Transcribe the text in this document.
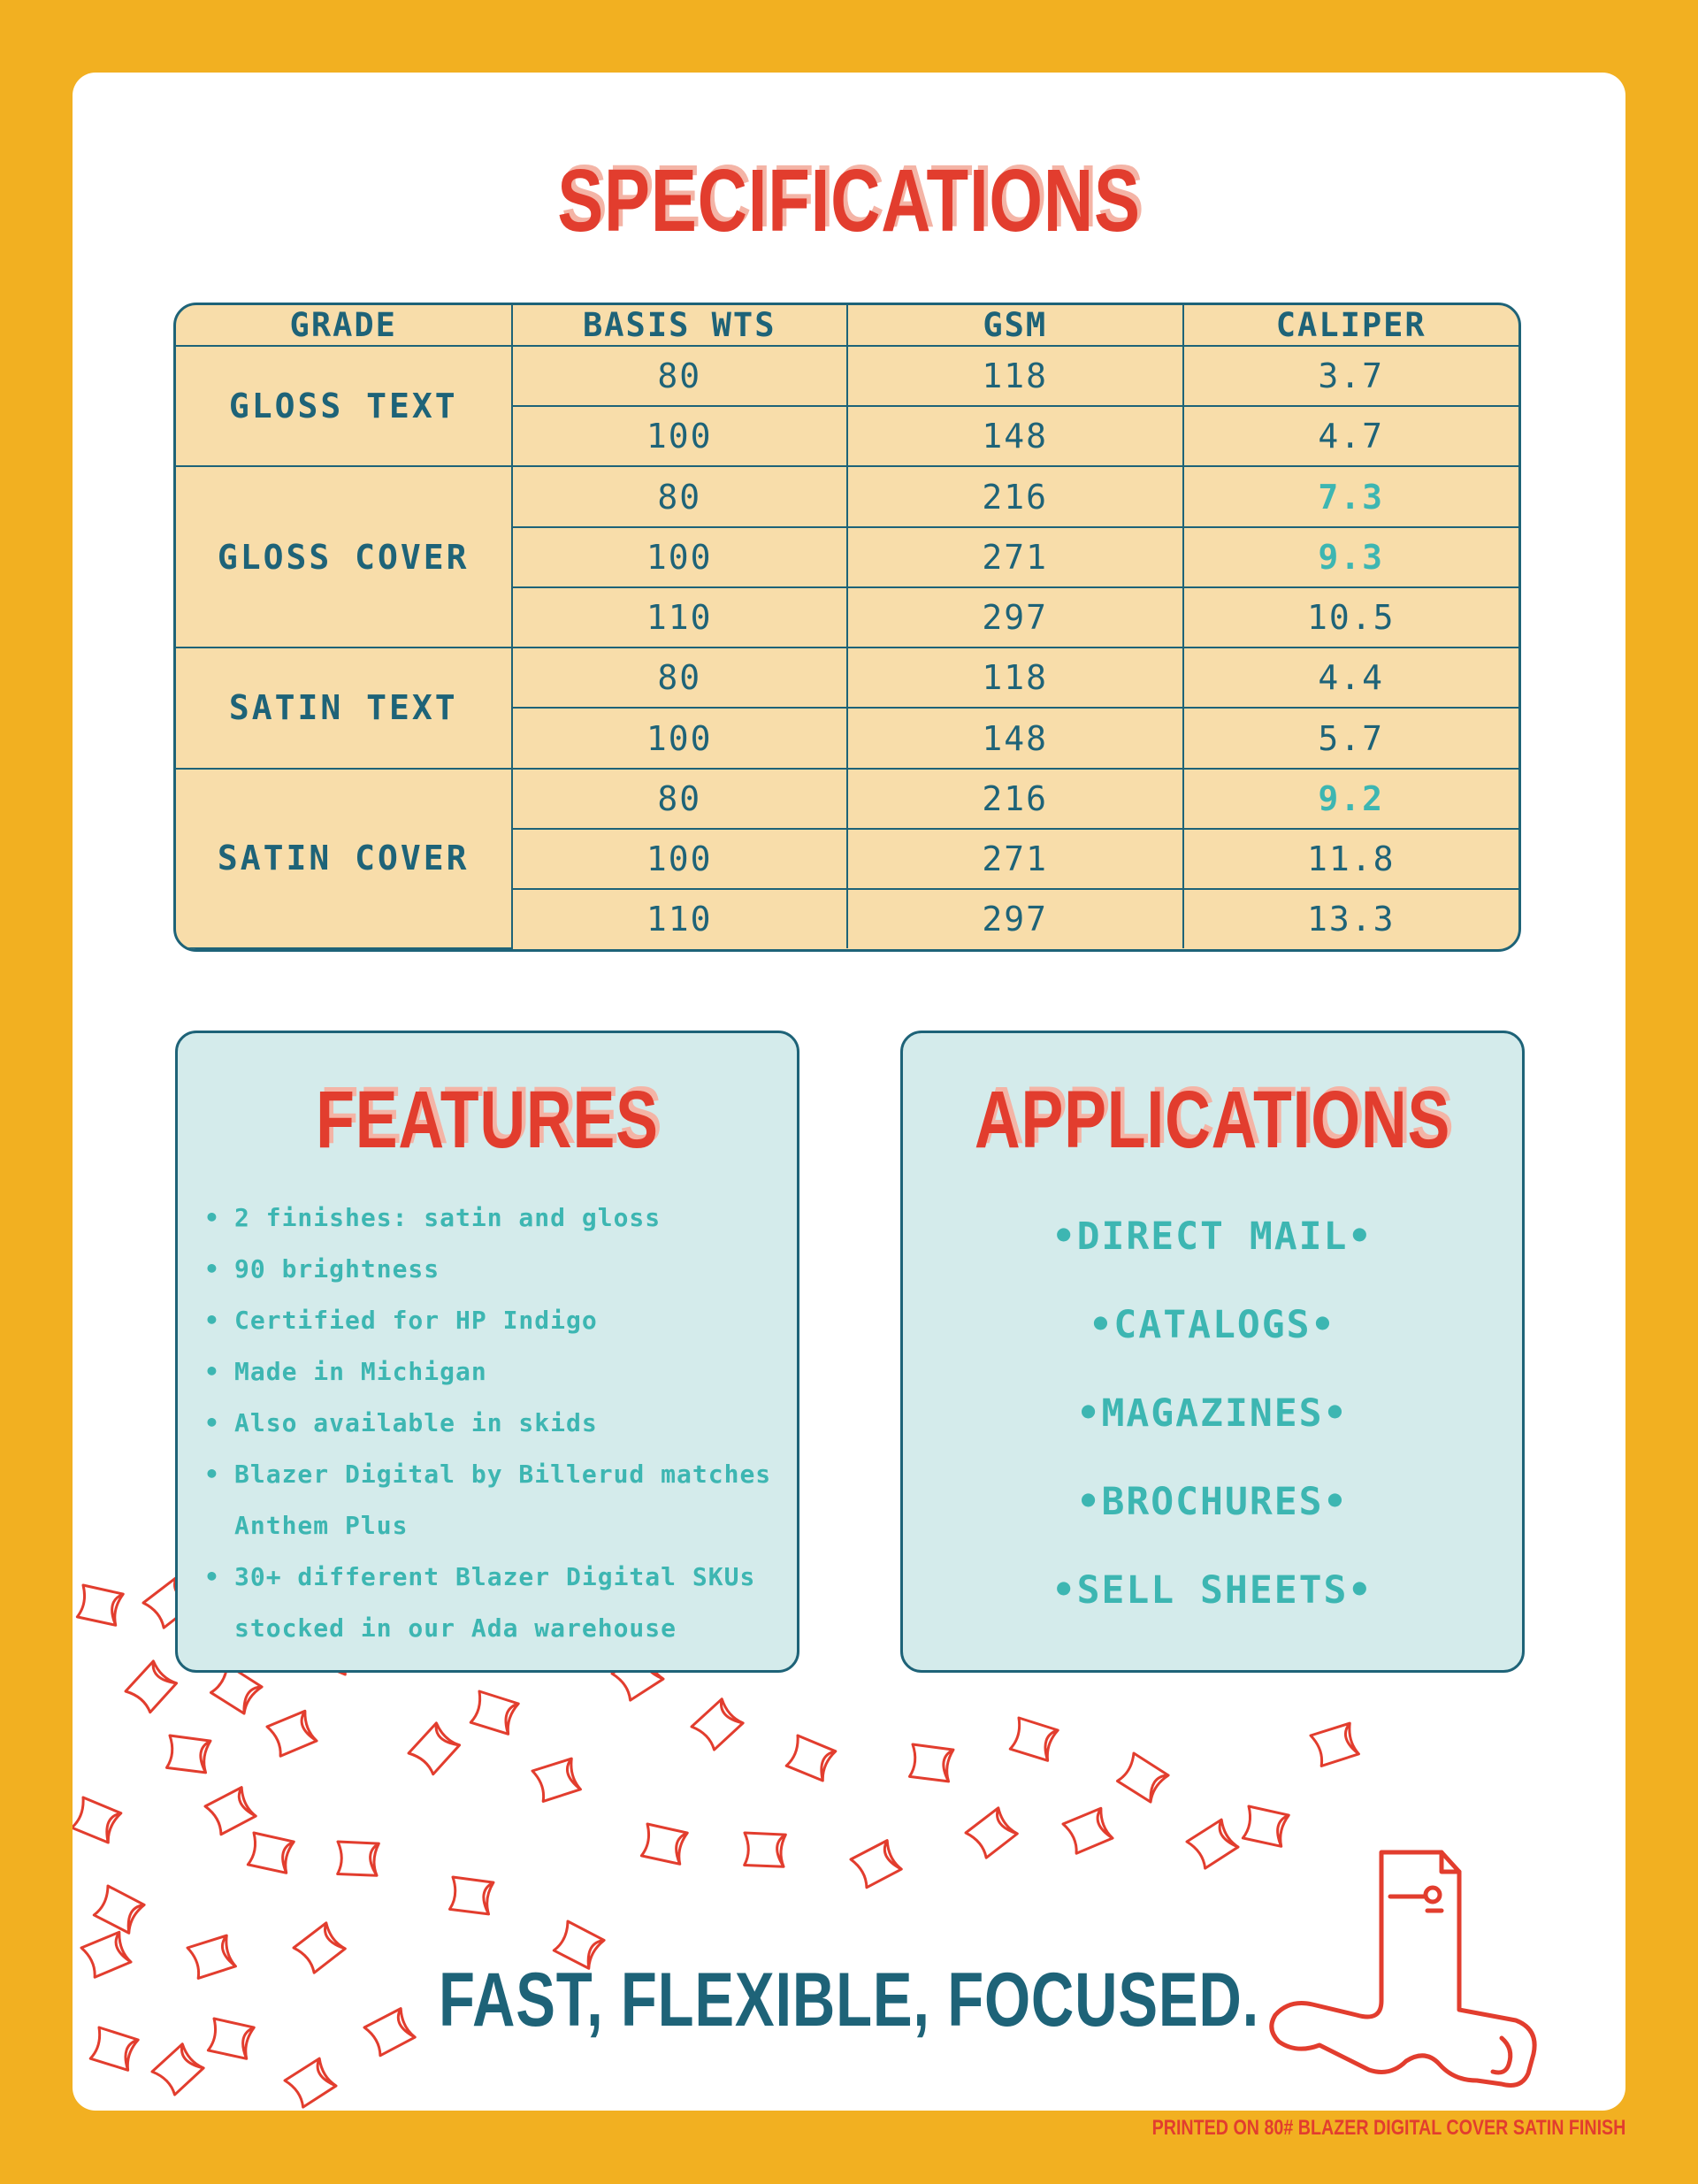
SPECIFICATIONS
GRADE	BASIS WTS	GSM	CALIPER
GLOSS TEXT	80	118	3.7
	100	148	4.7
GLOSS COVER	80	216	7.3
	100	271	9.3
	110	297	10.5
SATIN TEXT	80	118	4.4
	100	148	5.7
SATIN COVER	80	216	9.2
	100	271	11.8
	110	297	13.3
FEATURES
• 2 finishes: satin and gloss
• 90 brightness
• Certified for HP Indigo
• Made in Michigan
• Also available in skids
• Blazer Digital by Billerud matches Anthem Plus
• 30+ different Blazer Digital SKUs stocked in our Ada warehouse
APPLICATIONS
•DIRECT MAIL•
•CATALOGS•
•MAGAZINES•
•BROCHURES•
•SELL SHEETS•

FAST, FLEXIBLE, FOCUSED.

PRINTED ON 80# BLAZER DIGITAL COVER SATIN FINISH
